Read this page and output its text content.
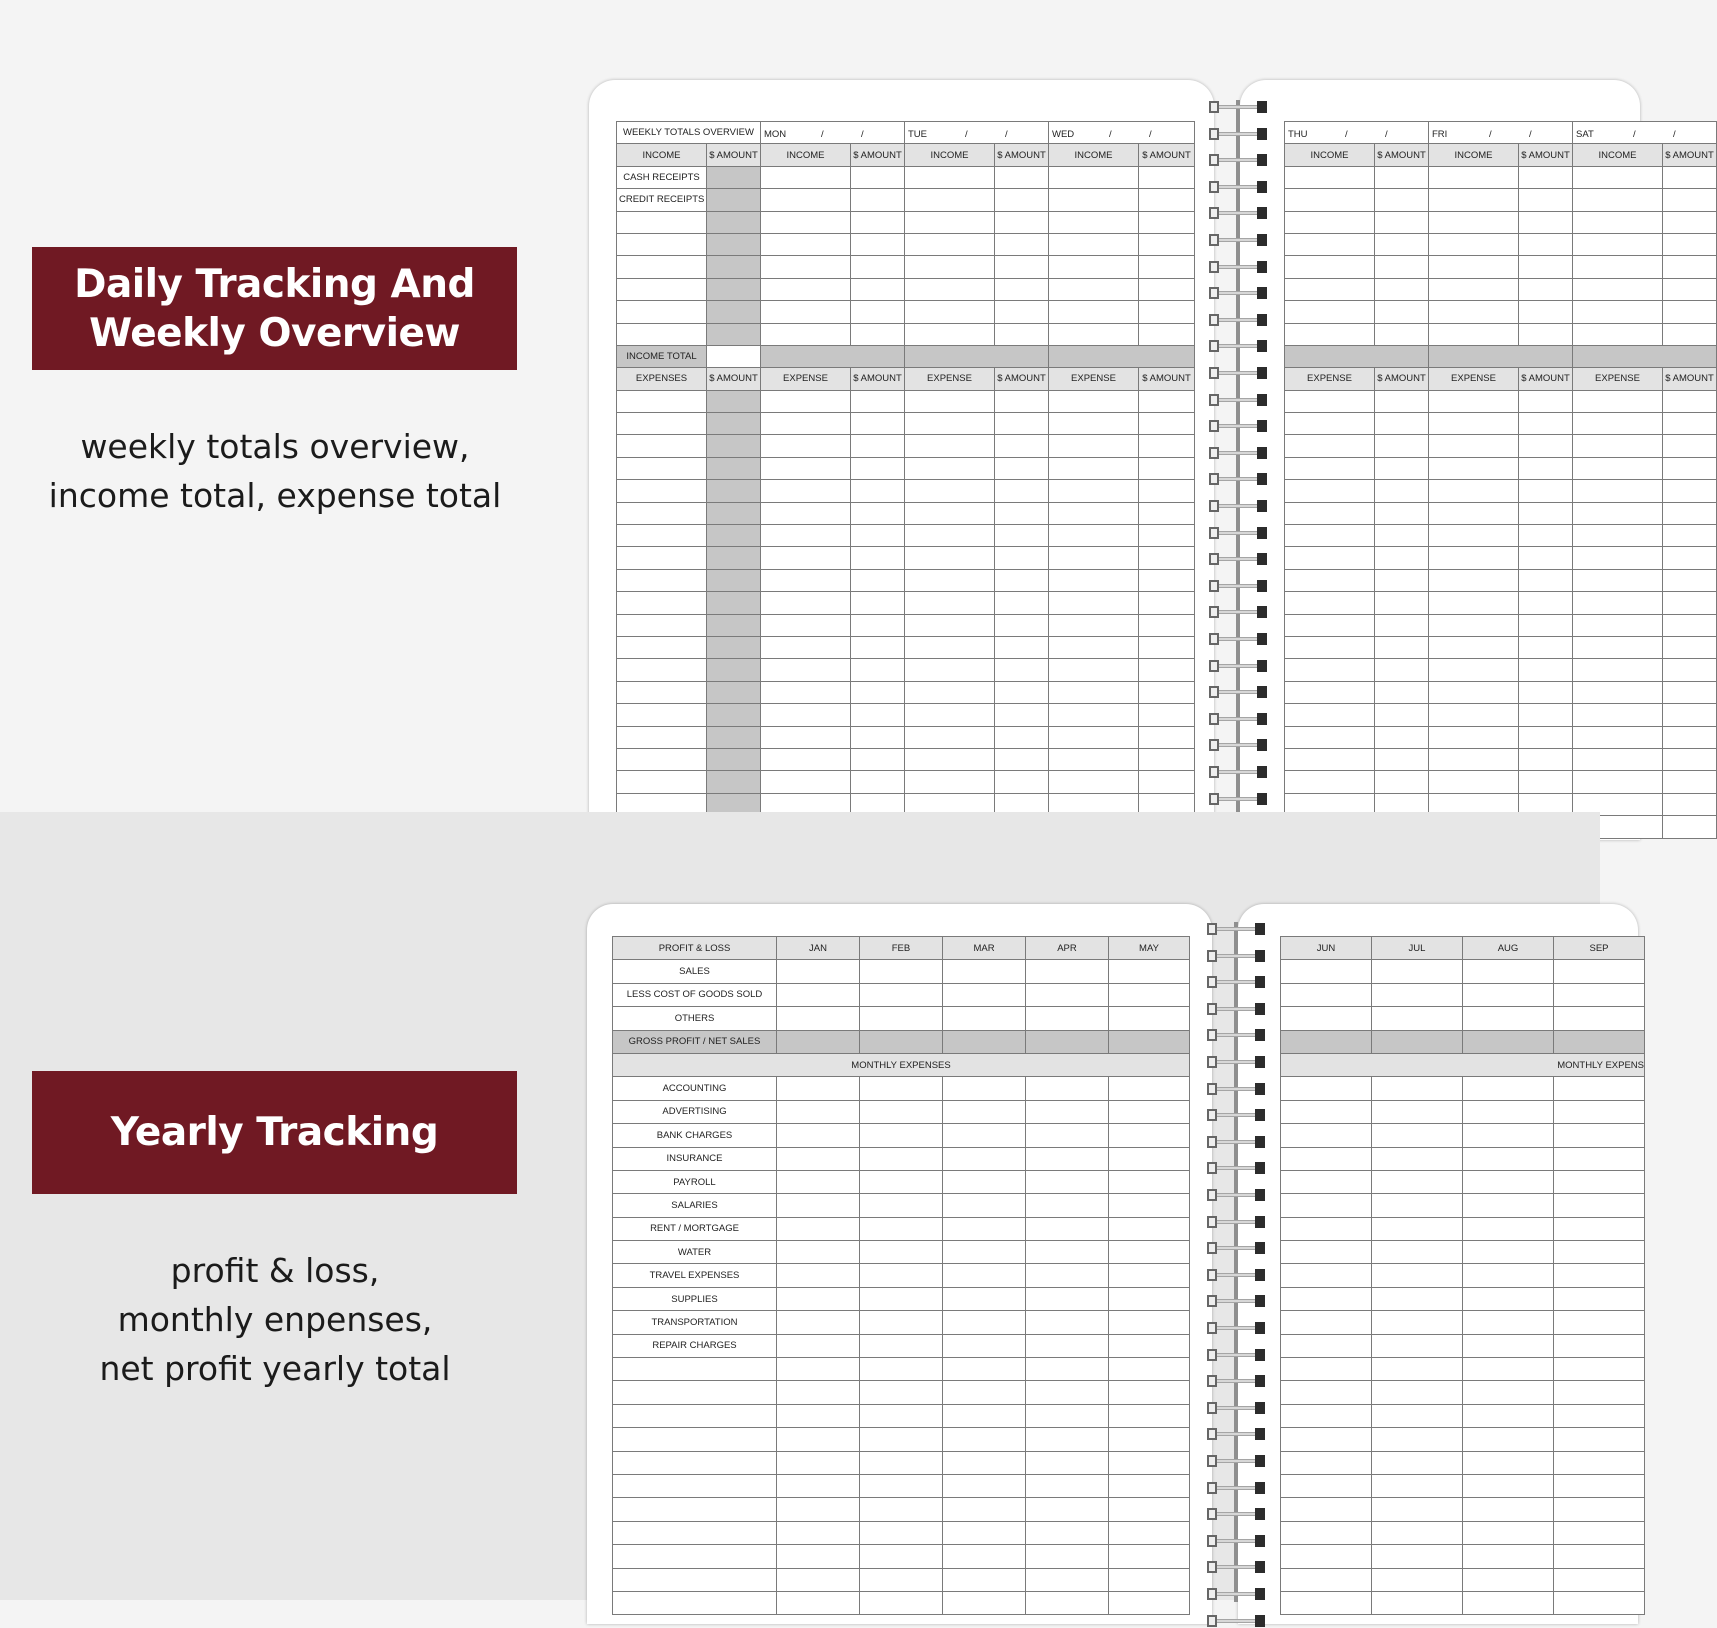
Daily Tracking And
Weekly Overview
weekly totals overview,
income total, expense total
WEEKLY TOTALS OVERVIEW		MON / /		TUE / /		WED / /	

INCOME	$ AMOUNT	INCOME	$ AMOUNT	INCOME	$ AMOUNT	INCOME	$ AMOUNT
CASH RECEIPTS							
CREDIT RECEIPTS							

INCOME TOTAL							
EXPENSES	$ AMOUNT	EXPENSE	$ AMOUNT	EXPENSE	$ AMOUNT	EXPENSE	$ AMOUNT

THU / /		FRI / /		SAT / /	

INCOME	$ AMOUNT	INCOME	$ AMOUNT	INCOME	$ AMOUNT

EXPENSE	$ AMOUNT	EXPENSE	$ AMOUNT	EXPENSE	$ AMOUNT

Yearly Tracking
profit & loss,
monthly enpenses,
net profit yearly total
PROFIT & LOSS	JAN	FEB	MAR	APR	MAY
SALES					
LESS COST OF GOODS SOLD					
OTHERS					
GROSS PROFIT / NET SALES					
MONTHLY EXPENSES					
ACCOUNTING					
ADVERTISING					
BANK CHARGES					
INSURANCE					
PAYROLL					
SALARIES					
RENT / MORTGAGE					
WATER					
TRAVEL EXPENSES					
SUPPLIES					
TRANSPORTATION					
REPAIR CHARGES					

JUN	JUL	AUG	SEP

MONTHLY EXPENS			
